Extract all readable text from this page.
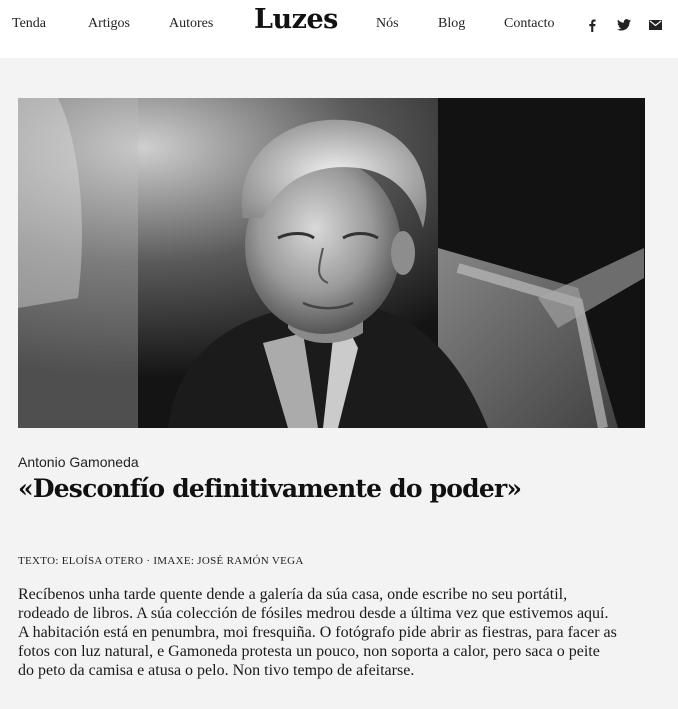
Tenda	Artigos	Autores Luzes	Nós	Blog	Contacto
Antonio Gamoneda
«Desconfío definitivamente do poder»
TEXTO: ELOÍSA OTERO · IMAXE: JOSÉ RAMÓN VEGA

Recíbenos unha tarde quente dende a galería da súa casa, onde escribe no seu portátil, rodeado de libros. A súa colección de fósiles medrou desde a última vez que estivemos aquí. A habitación está en penumbra, moi fresquiña. O fotógrafo pide abrir as fiestras, para facer as fotos con luz natural, e Gamoneda protesta un pouco, non soporta a calor, pero saca o peite do peto da camisa e atusa o pelo. Non tivo tempo de afeitarse.
